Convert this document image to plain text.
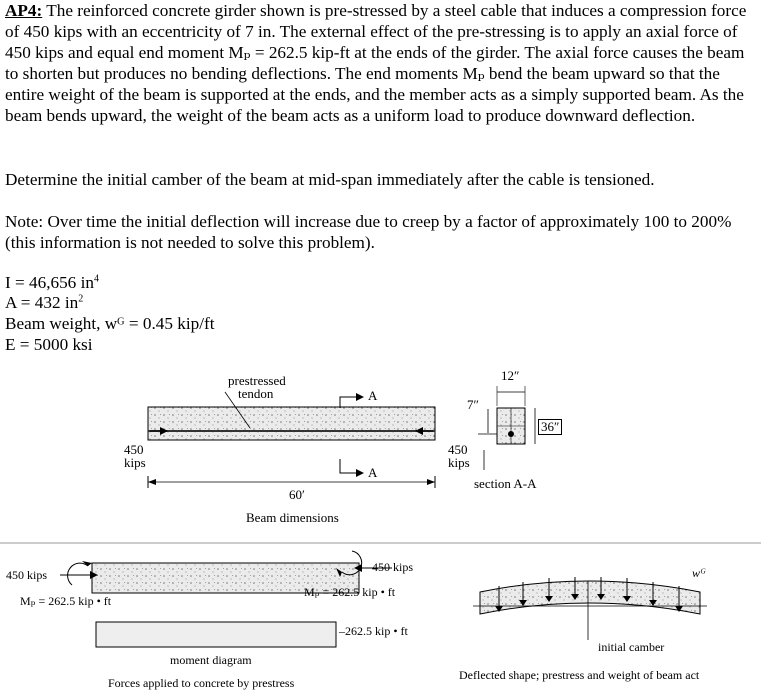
AP4: The reinforced concrete girder shown is pre-stressed by a steel cable that induces a compression force of 450 kips with an eccentricity of 7 in. The external effect of the pre-stressing is to apply an axial force of 450 kips and equal end moment Mₚ = 262.5 kip-ft at the ends of the girder. The axial force causes the beam to shorten but produces no bending deflections. The end moments Mₚ bend the beam upward so that the entire weight of the beam is supported at the ends, and the member acts as a simply supported beam. As the beam bends upward, the weight of the beam acts as a uniform load to produce downward deflection.

Determine the initial camber of the beam at mid-span immediately after the cable is tensioned.

Note: Over time the initial deflection will increase due to creep by a factor of approximately 100 to 200% (this information is not needed to solve this problem).

I = 46,656 $in^4$
A = 432 $in^2$
Beam weight, wᴳ = 0.45 kip/ft
E = 5000 ksi
prestressed
tendon	A
A
450
kips
450
kips
60′
Beam dimensions
12″
7″
36″
section A-A
450 kips
450 kips
Mₚ = 262.5 kip • ft
Mₚ = 262.5 kip • ft
–262.5 kip • ft
moment diagram
Forces applied to concrete by prestress
wᴳ
initial camber
Deflected shape; prestress and weight of beam act
